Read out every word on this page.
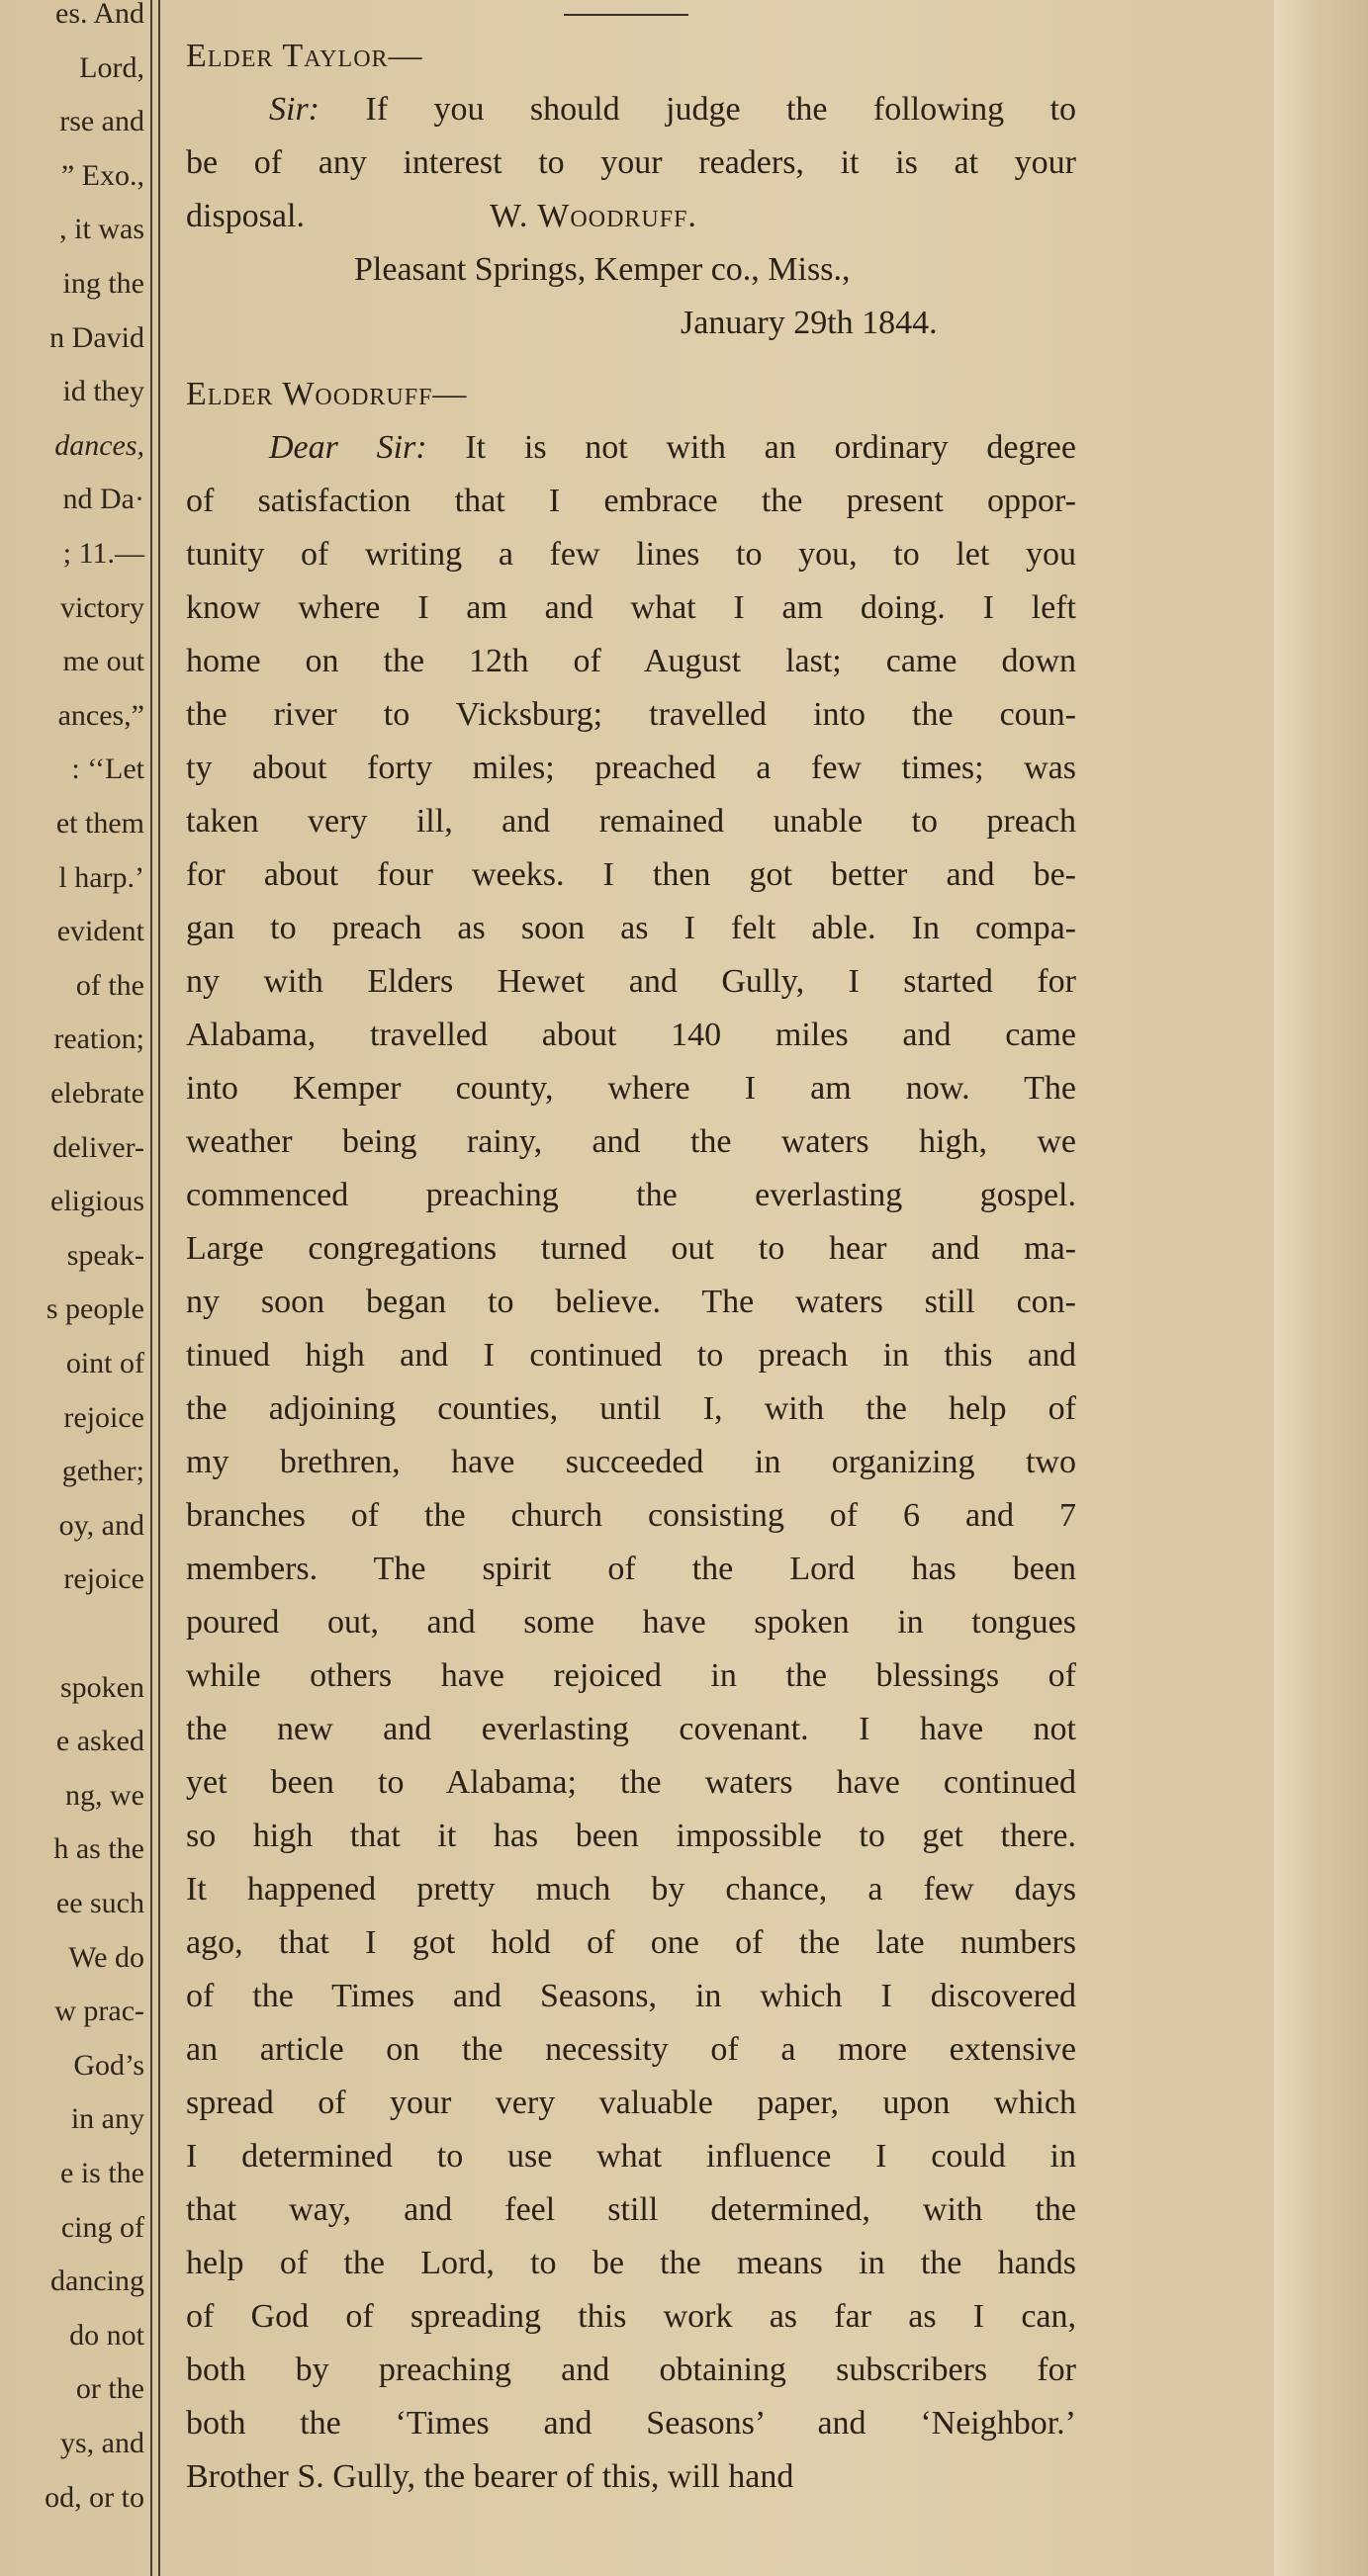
es. And
Lord,
rse and
” Exo.,
, it was
ing the
n David
id they
dances,
nd Da·
; 11.—
victory
me out
ances,”
: ‘‘Let
et them
l harp.’
evident
of the
reation;
elebrate
deliver-
eligious
speak-
s people
oint of
rejoice
gether;
oy, and
rejoice
spoken
e asked
ng, we
h as the
ee such
We do
w prac-
God’s
in any
e is the
cing of
dancing
do not
or the
ys, and
od, or to
Elder Taylor—
Sir: If you should judge the following to
be of any interest to your readers, it is at your
disposal.                      W. Woodruff.
Pleasant Springs, Kemper co., Miss.,
January 29th 1844.
Elder Woodruff—
Dear Sir: It is not with an ordinary degree
of satisfaction that I embrace the present oppor-
tunity of writing a few lines to you, to let you
know where I am and what I am doing. I left
home on the 12th of August last; came down
the river to Vicksburg; travelled into the coun-
ty about forty miles; preached a few times; was
taken very ill, and remained unable to preach
for about four weeks. I then got better and be-
gan to preach as soon as I felt able. In compa-
ny with Elders Hewet and Gully, I started for
Alabama, travelled about 140 miles and came
into Kemper county, where I am now. The
weather being rainy, and the waters high, we
commenced preaching the everlasting gospel.
Large congregations turned out to hear and ma-
ny soon began to believe. The waters still con-
tinued high and I continued to preach in this and
the adjoining counties, until I, with the help of
my brethren, have succeeded in organizing two
branches of the church consisting of 6 and 7
members. The spirit of the Lord has been
poured out, and some have spoken in tongues
while others have rejoiced in the blessings of
the new and everlasting covenant. I have not
yet been to Alabama; the waters have continued
so high that it has been impossible to get there.
It happened pretty much by chance, a few days
ago, that I got hold of one of the late numbers
of the Times and Seasons, in which I discovered
an article on the necessity of a more extensive
spread of your very valuable paper, upon which
I determined to use what influence I could in
that way, and feel still determined, with the
help of the Lord, to be the means in the hands
of God of spreading this work as far as I can,
both by preaching and obtaining subscribers for
both the ‘Times and Seasons’ and ‘Neighbor.’
Brother S. Gully, the bearer of this, will hand
